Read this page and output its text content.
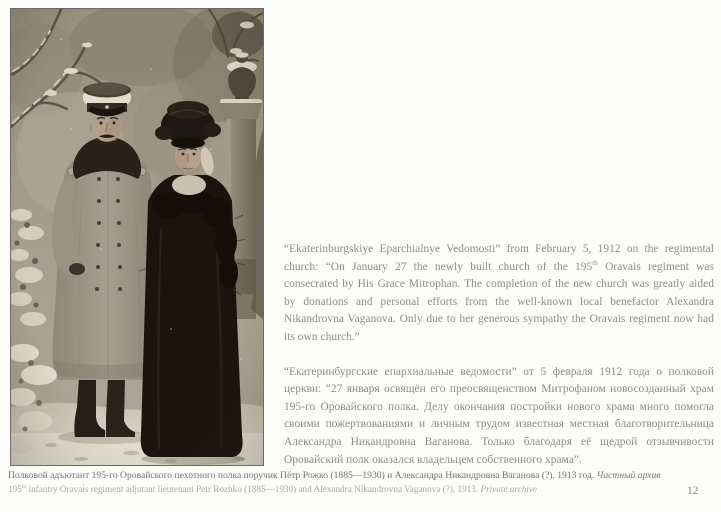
“Ekaterinburgskiye Eparchialnye Vedomosti” from February 5, 1912 on the regimental church: “On January 27 the newly built church of the 195th Oravais regiment was consecrated by His Grace Mitrophan. The completion of the new church was greatly aided by donations and personal efforts from the well-known local benefactor Alexandra Nikandrovna Vaganova. Only due to her generous sympathy the Oravais regiment now had its own church.”

“Екатеринбургские епархиальные ведомости” от 5 февраля 1912 года о полковой церкви: “27 января освящён его преосвященством Митрофаном новосозданный храм 195-го Оровайского полка. Делу окончания постройки нового храма много помогла своими пожертвованиями и личным трудом известная местная благотворительница Александра Никандровна Ваганова. Только благодаря её щедрой отзывчивости Оровайский полк оказался владельцем собственного храма”.

Полковой адъютант 195-го Оровайского пехотного полка поручик Пётр Рожко (1885—1930) и Александра Никандровна Ваганова (?), 1913 год. Частный архив
195th infantry Oravais regiment adjutant lieutenant Petr Rozhko (1885—1930) and Alexandra Nikandrovna Vaganova (?), 1913. Private archive	12
